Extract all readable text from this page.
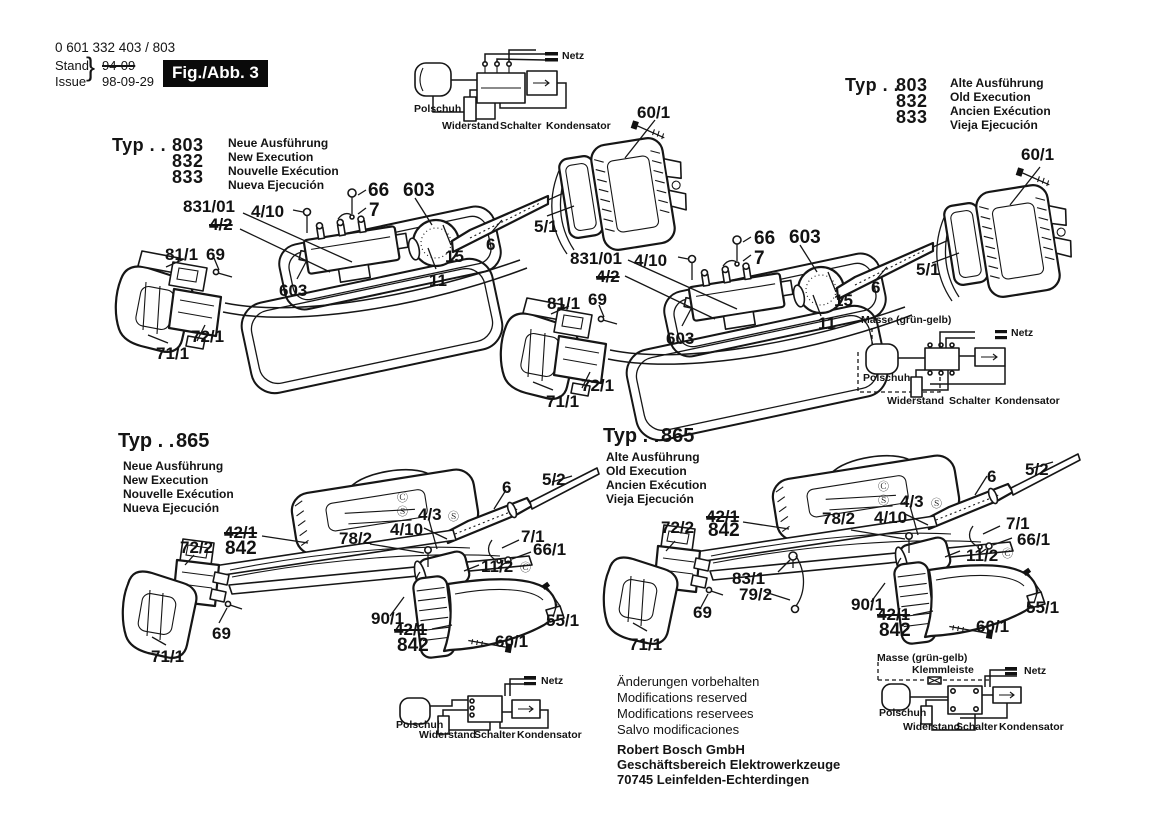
0 601 332 403 / 803
Stand
Issue } 94-09
98-09-29	Fig./Abb. 3
Typ . . 803
832
833
Neue Ausführung
New Execution
Nouvelle Exécution
Nueva Ejecución
Typ . .
803
832
833
Alte Ausführung
Old Execution
Ancien Exécution
Vieja Ejecución
Typ . . 865
Neue Ausführung
New Execution
Nouvelle Exécution
Nueva Ejecución
Typ . . 865
Alte Ausführung
Old Execution
Ancien Exécution
Vieja Ejecución
Netz
Polschuh
Widerstand Schalter Kondensator
Masse (grün-gelb)
Netz
Polschuh
Widerstand Schalter Kondensator
Netz
Polschuh
Widerstand
Schalter Kondensator
Masse (grün-gelb)
Klemmleiste	Netz
Polschuh
Widerstand
Schalter Kondensator
Änderungen vorbehalten
Modifications reserved
Modifications reservees
Salvo modificaciones
Robert Bosch GmbH
Geschäftsbereich Elektrowerkzeuge
70745 Leinfelden-Echterdingen
831/01
4/2
4/10
66 603
7
81/1 69
603
72/1
71/1
15
11
6
5/1
60/1
831/01
4/2
4/10
66 603
7
81/1 69
603
72/1
71/1
15
11
6
5/1
60/1
72/2
42/1
842	78/2 4/10
4/3
6 5/2
7/1
66/1
11/2
90/1
42/1
842	60/1
55/1
69
71/1
72/2
42/1
842
78/2 4/10
4/3
6 5/2
7/1
66/1
11/2
83/1
79/2
90/1
42/1
842	60/1
55/1
69
71/1
Ⓒ
Ⓢ	Ⓢ
Ⓒ
Ⓒ
Ⓢ	Ⓢ
Ⓒ
